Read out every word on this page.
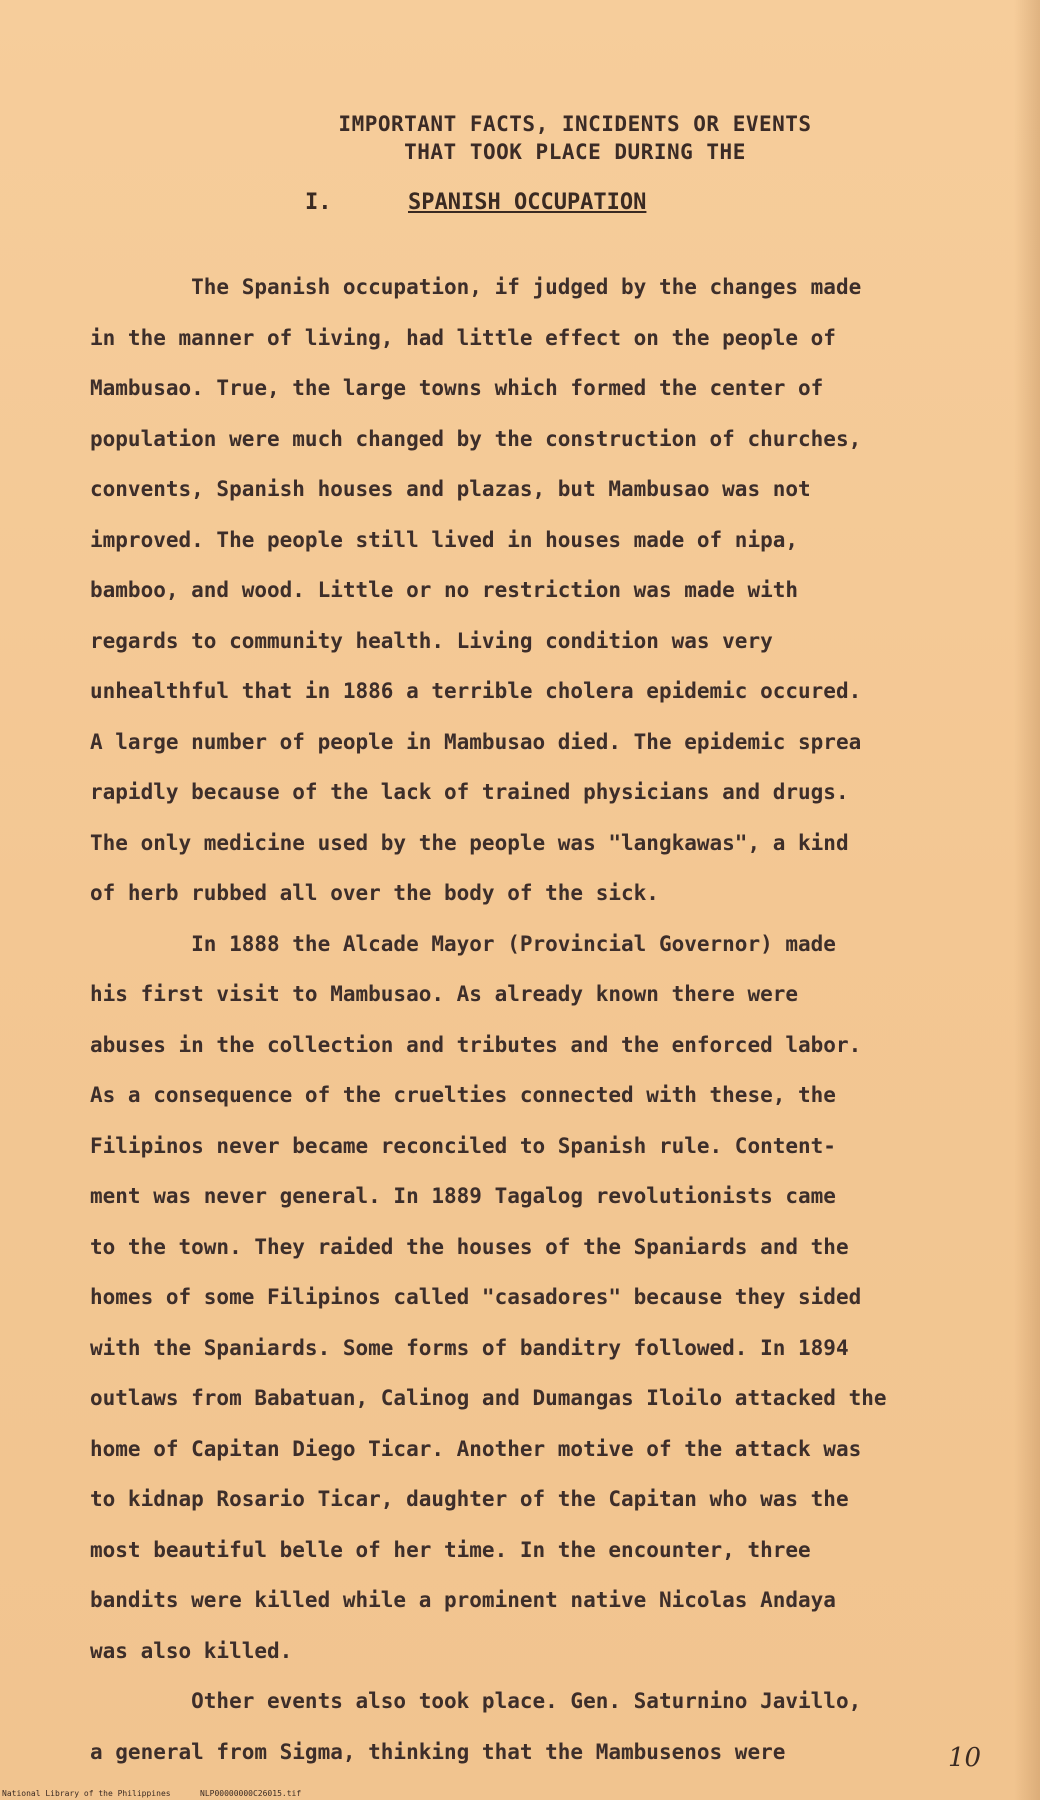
IMPORTANT FACTS, INCIDENTS OR EVENTS
THAT TOOK PLACE DURING THE
I.	SPANISH OCCUPATION
The Spanish occupation, if judged by the changes made
in the manner of living, had little effect on the people of
Mambusao. True, the large towns which formed the center of
population were much changed by the construction of churches,
convents, Spanish houses and plazas, but Mambusao was not
improved. The people still lived in houses made of nipa,
bamboo, and wood. Little or no restriction was made with
regards to community health. Living condition was very
unhealthful that in 1886 a terrible cholera epidemic occured.
A large number of people in Mambusao died. The epidemic sprea
rapidly because of the lack of trained physicians and drugs.
The only medicine used by the people was "langkawas", a kind
of herb rubbed all over the body of the sick.
In 1888 the Alcade Mayor (Provincial Governor) made
his first visit to Mambusao. As already known there were
abuses in the collection and tributes and the enforced labor.
As a consequence of the cruelties connected with these, the
Filipinos never became reconciled to Spanish rule. Content-
ment was never general. In 1889 Tagalog revolutionists came
to the town. They raided the houses of the Spaniards and the
homes of some Filipinos called "casadores" because they sided
with the Spaniards. Some forms of banditry followed. In 1894
outlaws from Babatuan, Calinog and Dumangas Iloilo attacked the
home of Capitan Diego Ticar. Another motive of the attack was
to kidnap Rosario Ticar, daughter of the Capitan who was the
most beautiful belle of her time. In the encounter, three
bandits were killed while a prominent native Nicolas Andaya
was also killed.
Other events also took place. Gen. Saturnino Javillo,
a general from Sigma, thinking that the Mambusenos were	10
National Library of the Philippines	NLP00000000C26015.tif
